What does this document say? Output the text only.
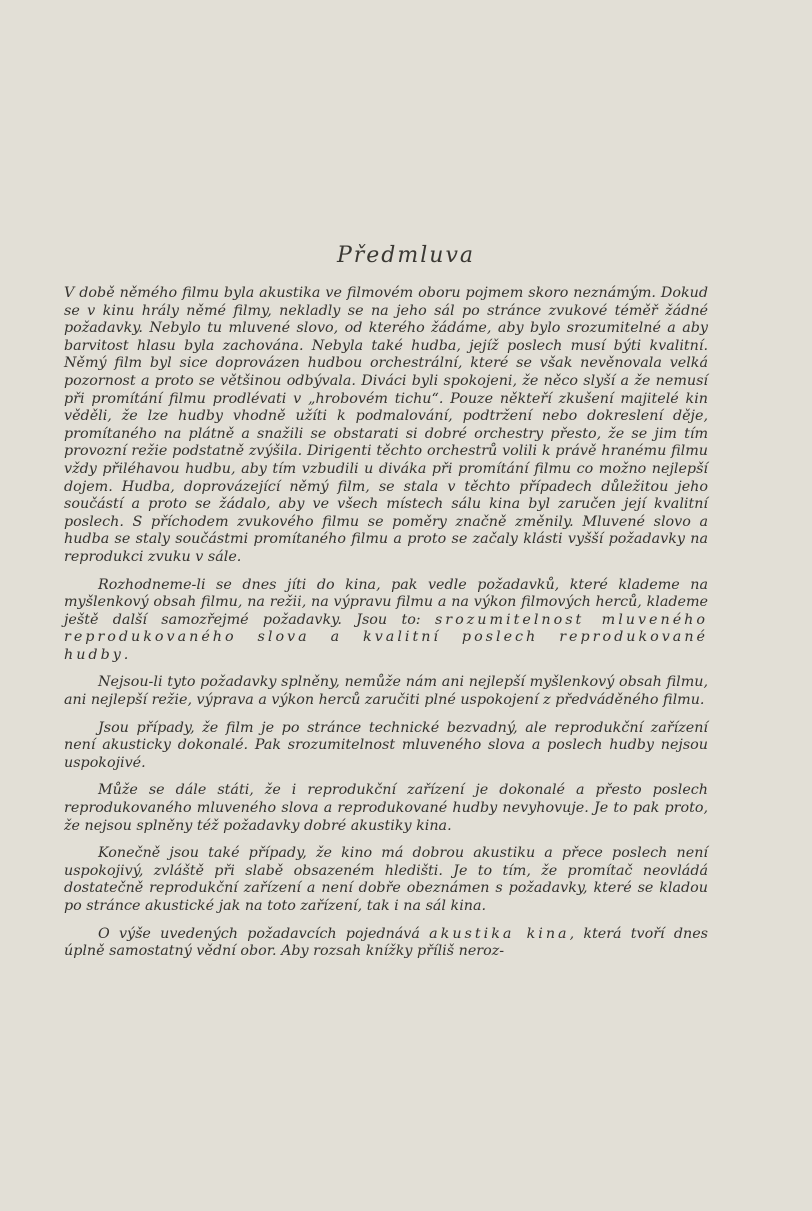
Předmluva

V době němého filmu byla akustika ve filmovém oboru pojmem skoro neznámým. Dokud se v kinu hrály němé filmy, nekladly se na jeho sál po stránce zvukové téměř žádné požadavky. Nebylo tu mluvené slovo, od kterého žádáme, aby bylo srozumitelné a aby barvitost hlasu byla zachována. Nebyla také hudba, jejíž poslech musí býti kvalitní. Němý film byl sice doprovázen hudbou orchestrální, které se však nevěnovala velká pozornost a proto se většinou odbývala. Diváci byli spokojeni, že něco slyší a že nemusí při promítání filmu prodlévati v „hrobovém tichu“. Pouze někteří zkušení majitelé kin věděli, že lze hudby vhodně užíti k podmalování, podtržení nebo dokreslení děje, promítaného na plátně a snažili se obstarati si dobré orchestry přesto, že se jim tím provozní režie podstatně zvýšila. Dirigenti těchto orchestrů volili k právě hranému filmu vždy přiléhavou hudbu, aby tím vzbudili u diváka při promítání filmu co možno nejlepší dojem. Hudba, doprovázející němý film, se stala v těchto případech důležitou jeho součástí a proto se žádalo, aby ve všech místech sálu kina byl zaručen její kvalitní poslech. S příchodem zvukového filmu se poměry značně změnily. Mluvené slovo a hudba se staly součástmi promítaného filmu a proto se začaly klásti vyšší požadavky na reprodukci zvuku v sále.

Rozhodneme-li se dnes jíti do kina, pak vedle požadavků, které klademe na myšlenkový obsah filmu, na režii, na výpravu filmu a na výkon filmových herců, klademe ještě další samozřejmé požadavky. Jsou to: srozumitelnost mluveného reprodukovaného slova a kvalitní poslech reprodukované hudby.

Nejsou-li tyto požadavky splněny, nemůže nám ani nejlepší myšlenkový obsah filmu, ani nejlepší režie, výprava a výkon herců zaručiti plné uspokojení z předváděného filmu.

Jsou případy, že film je po stránce technické bezvadný, ale reprodukční zařízení není akusticky dokonalé. Pak srozumitelnost mluveného slova a poslech hudby nejsou uspokojivé.

Může se dále státi, že i reprodukční zařízení je dokonalé a přesto poslech reprodukovaného mluveného slova a reprodukované hudby nevyhovuje. Je to pak proto, že nejsou splněny též požadavky dobré akustiky kina.

Konečně jsou také případy, že kino má dobrou akustiku a přece poslech není uspokojivý, zvláště při slabě obsazeném hledišti. Je to tím, že promítač neovládá dostatečně reprodukční zařízení a není dobře obeznámen s požadavky, které se kladou po stránce akustické jak na toto zařízení, tak i na sál kina.

O výše uvedených požadavcích pojednává akustika kina, která tvoří dnes úplně samostatný vědní obor. Aby rozsah knížky příliš neroz-
